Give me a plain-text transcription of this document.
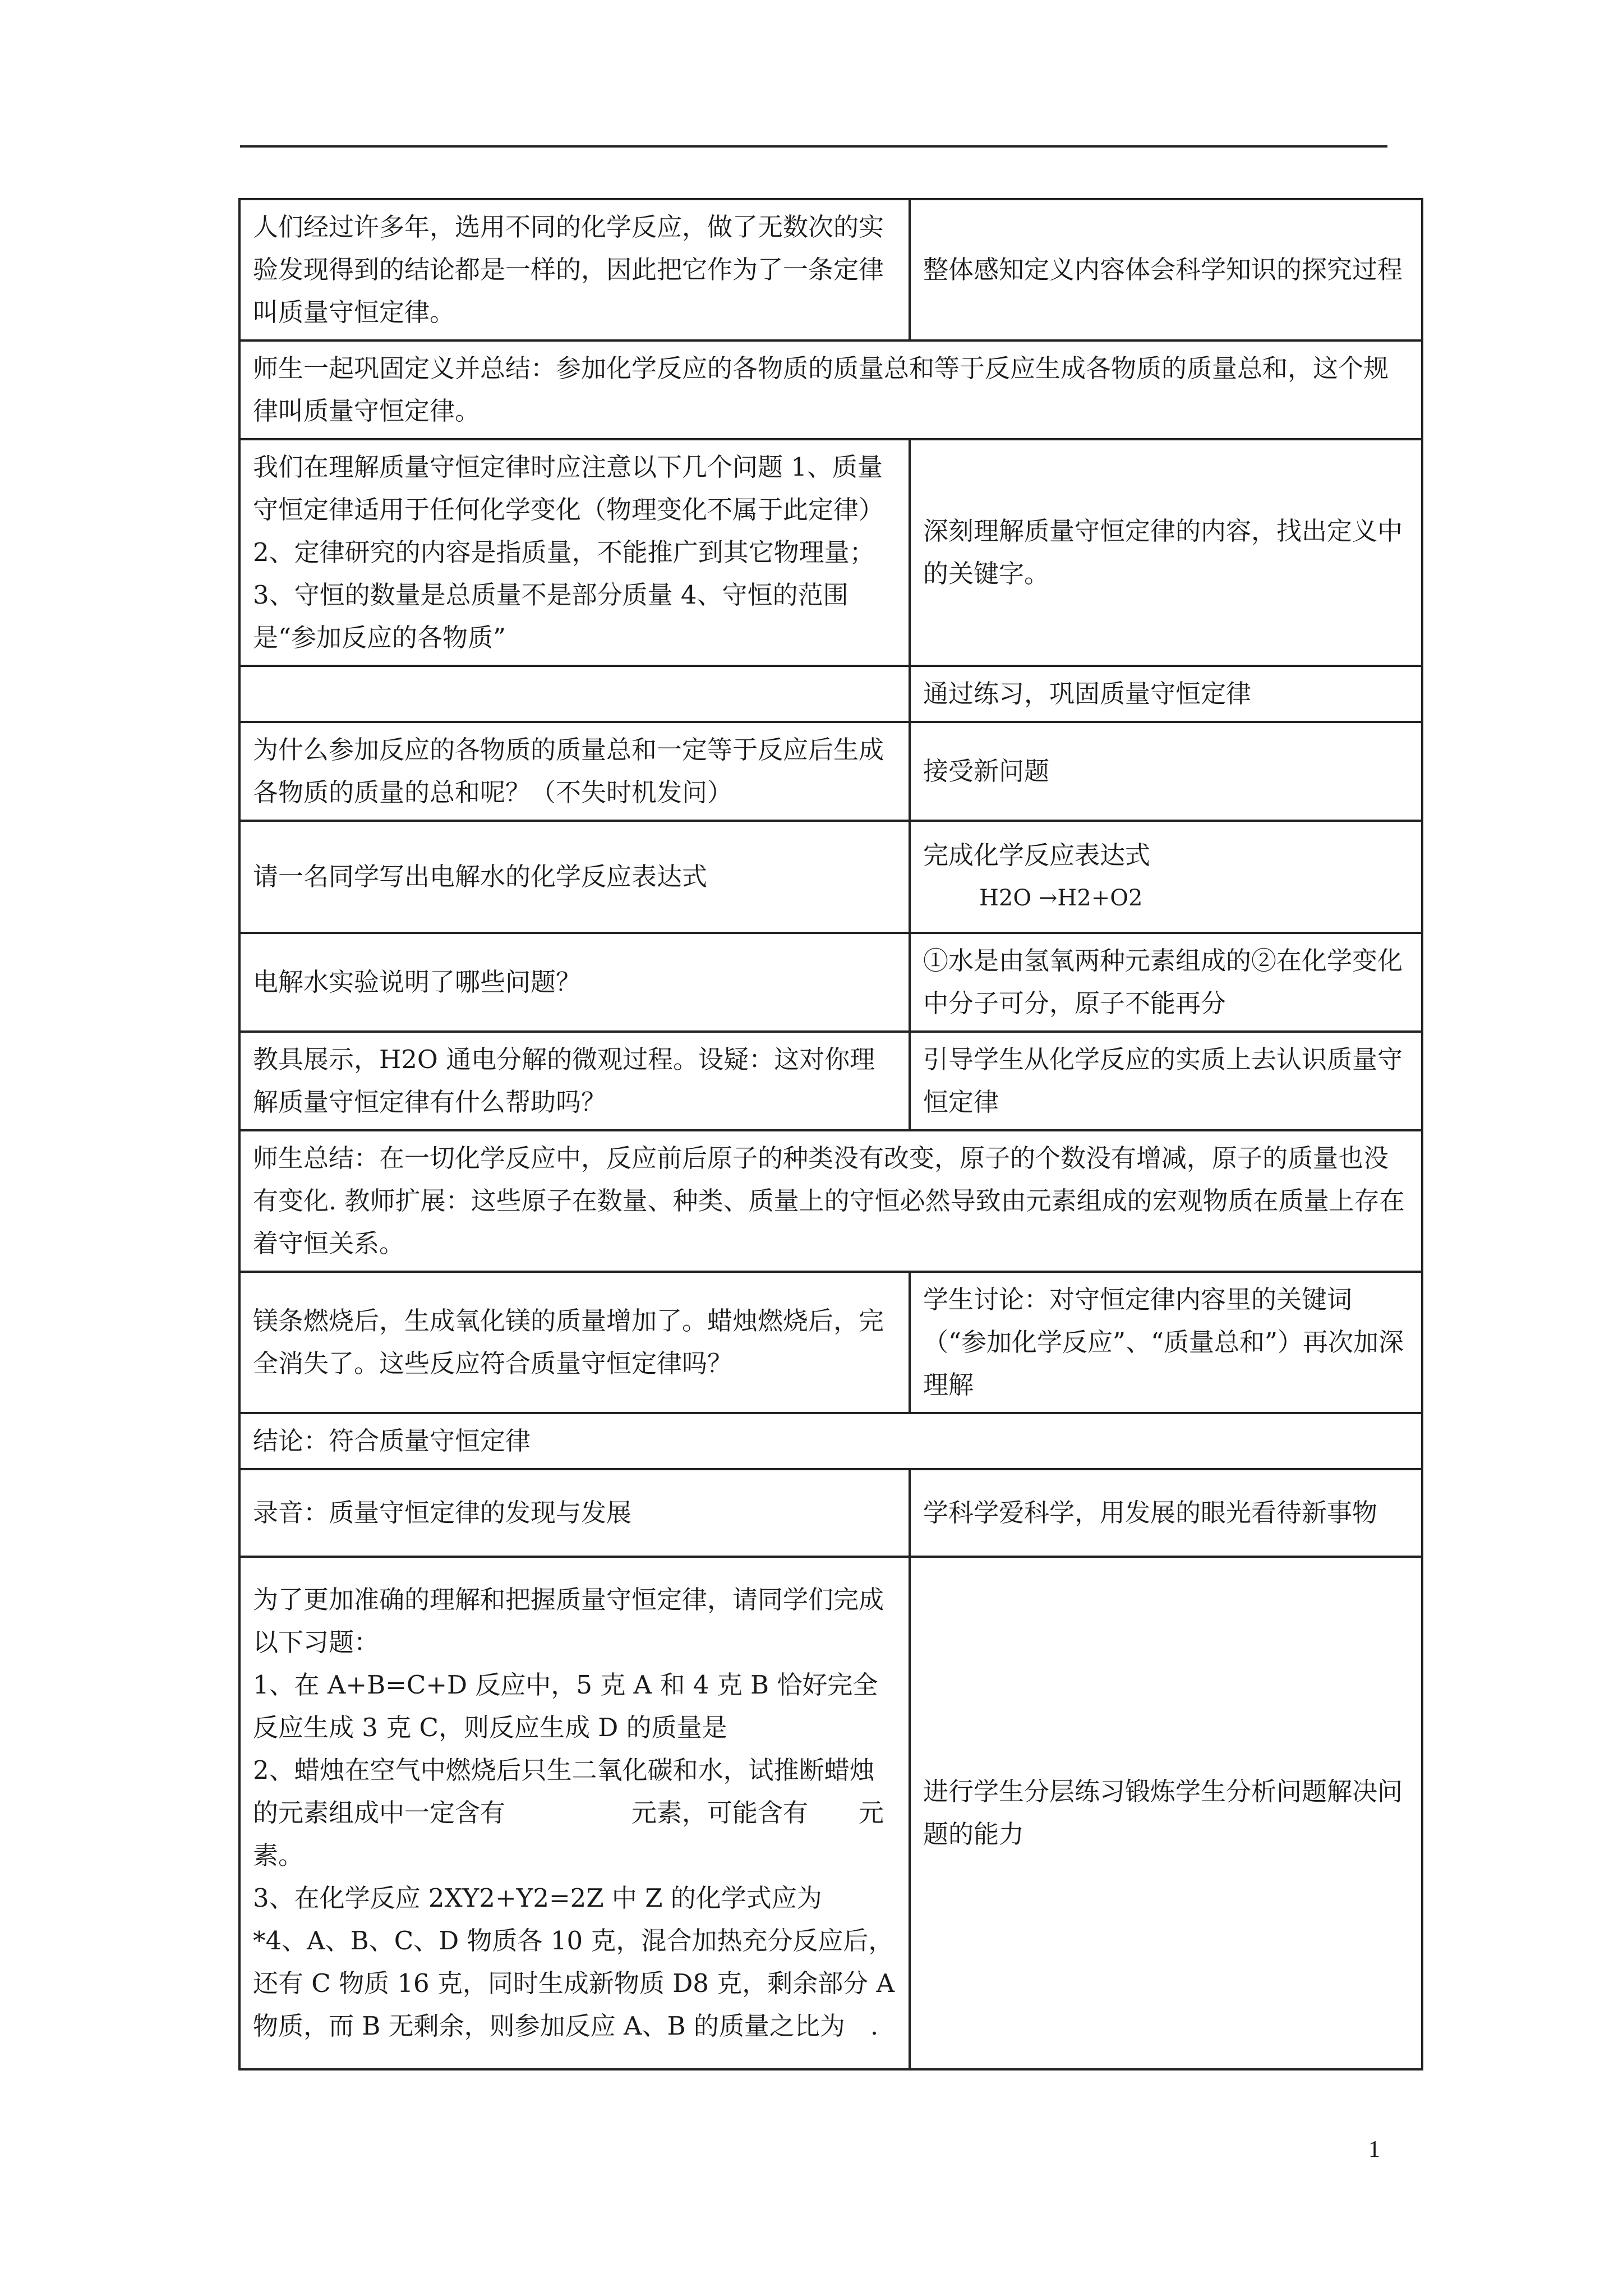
人们经过许多年，选用不同的化学反应，做了无数次的实验发现得到的结论都是一样的，因此把它作为了一条定律叫质量守恒定律。	整体感知定义内容体会科学知识的探究过程
师生一起巩固定义并总结：参加化学反应的各物质的质量总和等于反应生成各物质的质量总和，这个规律叫质量守恒定律。	
我们在理解质量守恒定律时应注意以下几个问题 1、质量守恒定律适用于任何化学变化（物理变化不属于此定律）2、定律研究的内容是指质量，不能推广到其它物理量；3、守恒的数量是总质量不是部分质量 4、守恒的范围是“参加反应的各物质”	深刻理解质量守恒定律的内容，找出定义中的关键字。
	通过练习，巩固质量守恒定律
为什么参加反应的各物质的质量总和一定等于反应后生成各物质的质量的总和呢？（不失时机发问）	接受新问题
请一名同学写出电解水的化学反应表达式	完成化学反应表达式
H2O →H2+O2

电解水实验说明了哪些问题？	①水是由氢氧两种元素组成的②在化学变化中分子可分，原子不能再分
教具展示，H2O 通电分解的微观过程。设疑：这对你理解质量守恒定律有什么帮助吗？	引导学生从化学反应的实质上去认识质量守恒定律
师生总结：在一切化学反应中，反应前后原子的种类没有改变，原子的个数没有增减，原子的质量也没有变化. 教师扩展：这些原子在数量、种类、质量上的守恒必然导致由元素组成的宏观物质在质量上存在着守恒关系。	
镁条燃烧后，生成氧化镁的质量增加了。蜡烛燃烧后，完全消失了。这些反应符合质量守恒定律吗？	学生讨论：对守恒定律内容里的关键词（“参加化学反应”、“质量总和”）再次加深理解
结论：符合质量守恒定律	
录音：质量守恒定律的发现与发展	学科学爱科学，用发展的眼光看待新事物

为了更加准确的理解和把握质量守恒定律，请同学们完成以下习题：
1、在 A+B=C+D 反应中，5 克 A 和 4 克 B 恰好完全反应生成 3 克 C，则反应生成 D 的质量是
2、蜡烛在空气中燃烧后只生二氧化碳和水，试推断蜡烛的元素组成中一定含有　　　　　元素，可能含有　　元素。
3、在化学反应 2XY2+Y2=2Z 中 Z 的化学式应为
*4、A、B、C、D 物质各 10 克，混合加热充分反应后，还有 C 物质 16 克，同时生成新物质 D8 克，剩余部分 A 物质，而 B 无剩余，则参加反应 A、B 的质量之比为　.	进行学生分层练习锻炼学生分析问题解决问题的能力
1
